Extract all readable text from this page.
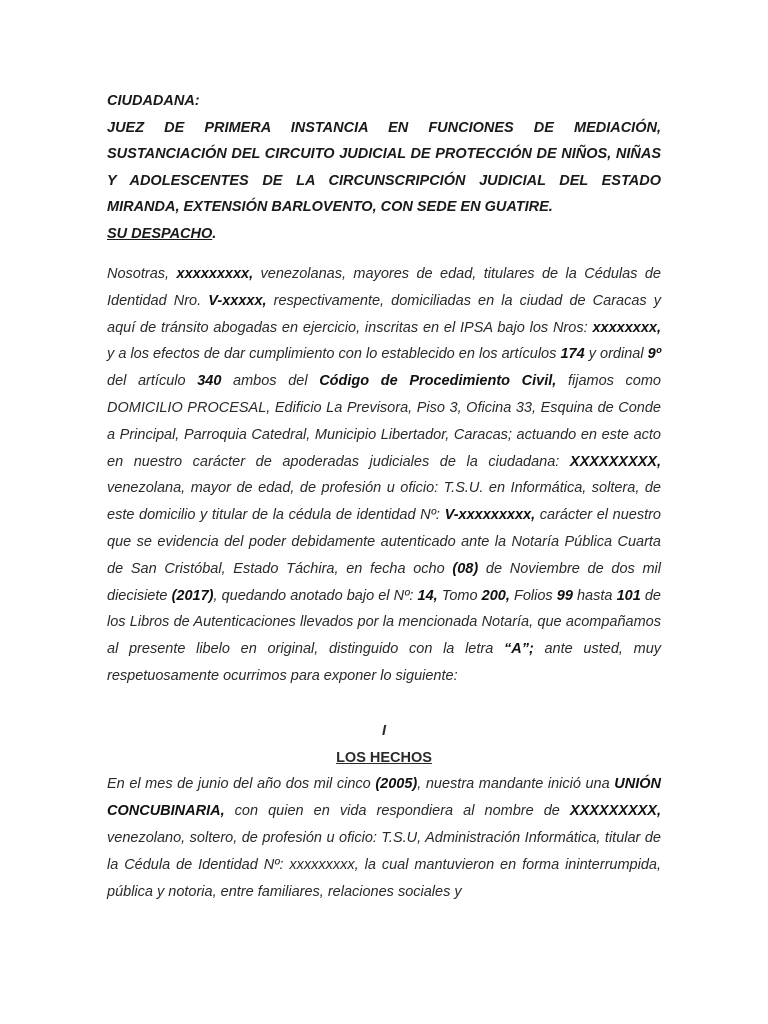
CIUDADANA:

JUEZ DE PRIMERA INSTANCIA EN FUNCIONES DE MEDIACIÓN, SUSTANCIACIÓN DEL CIRCUITO JUDICIAL DE PROTECCIÓN DE NIÑOS, NIÑAS Y ADOLESCENTES DE LA CIRCUNSCRIPCIÓN JUDICIAL DEL ESTADO MIRANDA, EXTENSIÓN BARLOVENTO, CON SEDE EN GUATIRE.

SU DESPACHO.

Nosotras, xxxxxxxxx, venezolanas, mayores de edad, titulares de la Cédulas de Identidad Nro. V-xxxxx, respectivamente, domiciliadas en la ciudad de Caracas y aquí de tránsito abogadas en ejercicio, inscritas en el IPSA bajo los Nros: xxxxxxxx, y a los efectos de dar cumplimiento con lo establecido en los artículos 174 y ordinal 9º del artículo 340 ambos del Código de Procedimiento Civil, fijamos como DOMICILIO PROCESAL, Edificio La Previsora, Piso 3, Oficina 33, Esquina de Conde a Principal, Parroquia Catedral, Municipio Libertador, Caracas; actuando en este acto en nuestro carácter de apoderadas judiciales de la ciudadana: XXXXXXXXX, venezolana, mayor de edad, de profesión u oficio: T.S.U. en Informática, soltera, de este domicilio y titular de la cédula de identidad Nº: V-xxxxxxxxx, carácter el nuestro que se evidencia del poder debidamente autenticado ante la Notaría Pública Cuarta de San Cristóbal, Estado Táchira, en fecha ocho (08) de Noviembre de dos mil diecisiete (2017), quedando anotado bajo el Nº: 14, Tomo 200, Folios 99 hasta 101 de los Libros de Autenticaciones llevados por la mencionada Notaría, que acompañamos al presente libelo en original, distinguido con la letra “A”; ante usted, muy respetuosamente ocurrimos para exponer lo siguiente:

I
LOS HECHOS

En el mes de junio del año dos mil cinco (2005), nuestra mandante inició una UNIÓN CONCUBINARIA, con quien en vida respondiera al nombre de XXXXXXXXX, venezolano, soltero, de profesión u oficio: T.S.U, Administración Informática, titular de la Cédula de Identidad Nº: xxxxxxxxx, la cual mantuvieron en forma ininterrumpida, pública y notoria, entre familiares, relaciones sociales y
